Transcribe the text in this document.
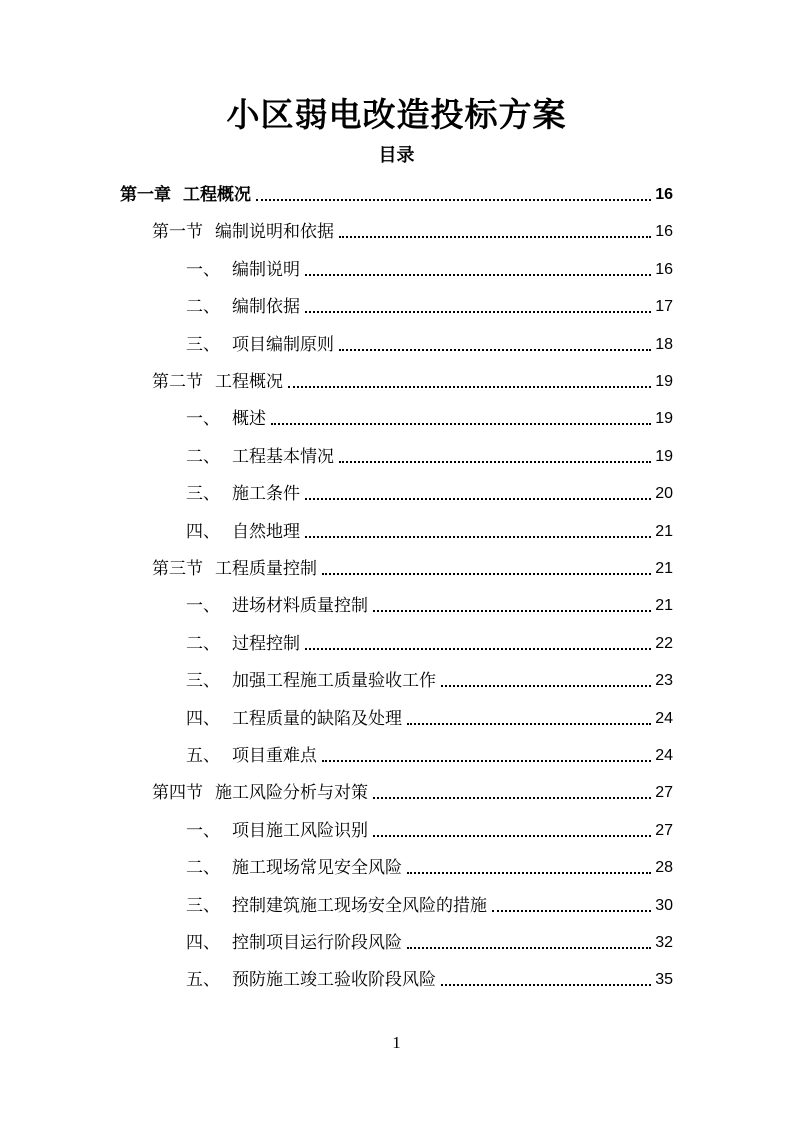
小区弱电改造投标方案
目录
第一章 工程概况	16
第一节 编制说明和依据	16
一、 编制说明	16
二、 编制依据	17
三、 项目编制原则	18
第二节 工程概况	19
一、 概述	19
二、 工程基本情况	19
三、 施工条件	20
四、 自然地理	21
第三节 工程质量控制	21
一、 进场材料质量控制	21
二、 过程控制	22
三、 加强工程施工质量验收工作	23
四、 工程质量的缺陷及处理	24
五、 项目重难点	24
第四节 施工风险分析与对策	27
一、 项目施工风险识别	27
二、 施工现场常见安全风险	28
三、 控制建筑施工现场安全风险的措施	30
四、 控制项目运行阶段风险	32
五、 预防施工竣工验收阶段风险	35
1
